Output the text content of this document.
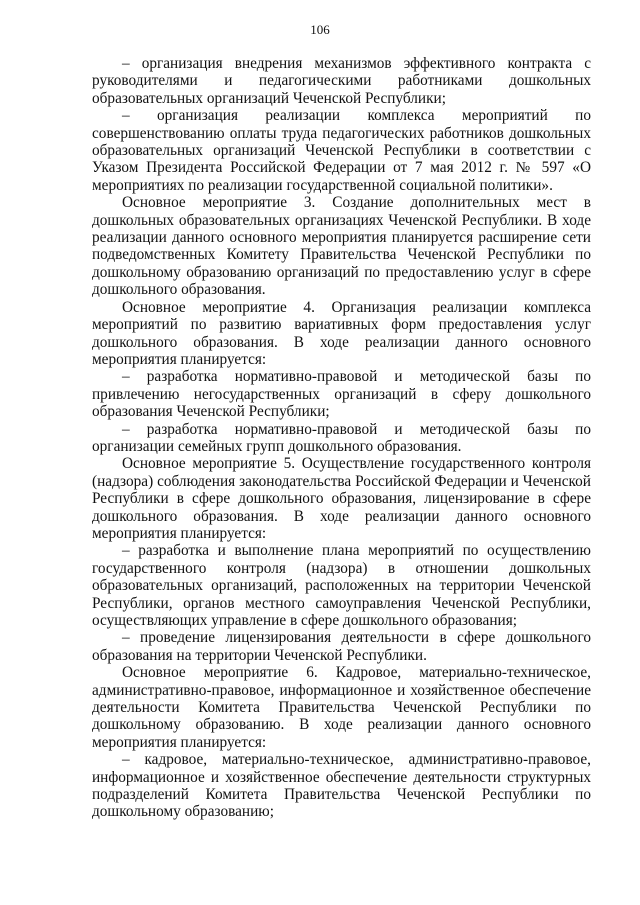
106

– организация внедрения механизмов эффективного контракта с руководителями и педагогическими работниками дошкольных образовательных организаций Чеченской Республики;

– организация реализации комплекса мероприятий по совершенствованию оплаты труда педагогических работников дошкольных образовательных организаций Чеченской Республики в соответствии с Указом Президента Российской Федерации от 7 мая 2012 г. № 597 «О мероприятиях по реализации государственной социальной политики».

Основное мероприятие 3. Создание дополнительных мест в дошкольных образовательных организациях Чеченской Республики. В ходе реализации данного основного мероприятия планируется расширение сети подведомственных Комитету Правительства Чеченской Республики по дошкольному образованию организаций по предоставлению услуг в сфере дошкольного образования.

Основное мероприятие 4. Организация реализации комплекса мероприятий по развитию вариативных форм предоставления услуг дошкольного образования. В ходе реализации данного основного мероприятия планируется:

– разработка нормативно-правовой и методической базы по привлечению негосударственных организаций в сферу дошкольного образования Чеченской Республики;

– разработка нормативно-правовой и методической базы по организации семейных групп дошкольного образования.

Основное мероприятие 5. Осуществление государственного контроля (надзора) соблюдения законодательства Российской Федерации и Чеченской Республики в сфере дошкольного образования, лицензирование в сфере дошкольного образования. В ходе реализации данного основного мероприятия планируется:

– разработка и выполнение плана мероприятий по осуществлению государственного контроля (надзора) в отношении дошкольных образовательных организаций, расположенных на территории Чеченской Республики, органов местного самоуправления Чеченской Республики, осуществляющих управление в сфере дошкольного образования;

– проведение лицензирования деятельности в сфере дошкольного образования на территории Чеченской Республики.

Основное мероприятие 6. Кадровое, материально-техническое, административно-правовое, информационное и хозяйственное обеспечение деятельности Комитета Правительства Чеченской Республики по дошкольному образованию. В ходе реализации данного основного мероприятия планируется:

– кадровое, материально-техническое, административно-правовое, информационное и хозяйственное обеспечение деятельности структурных подразделений Комитета Правительства Чеченской Республики по дошкольному образованию;
